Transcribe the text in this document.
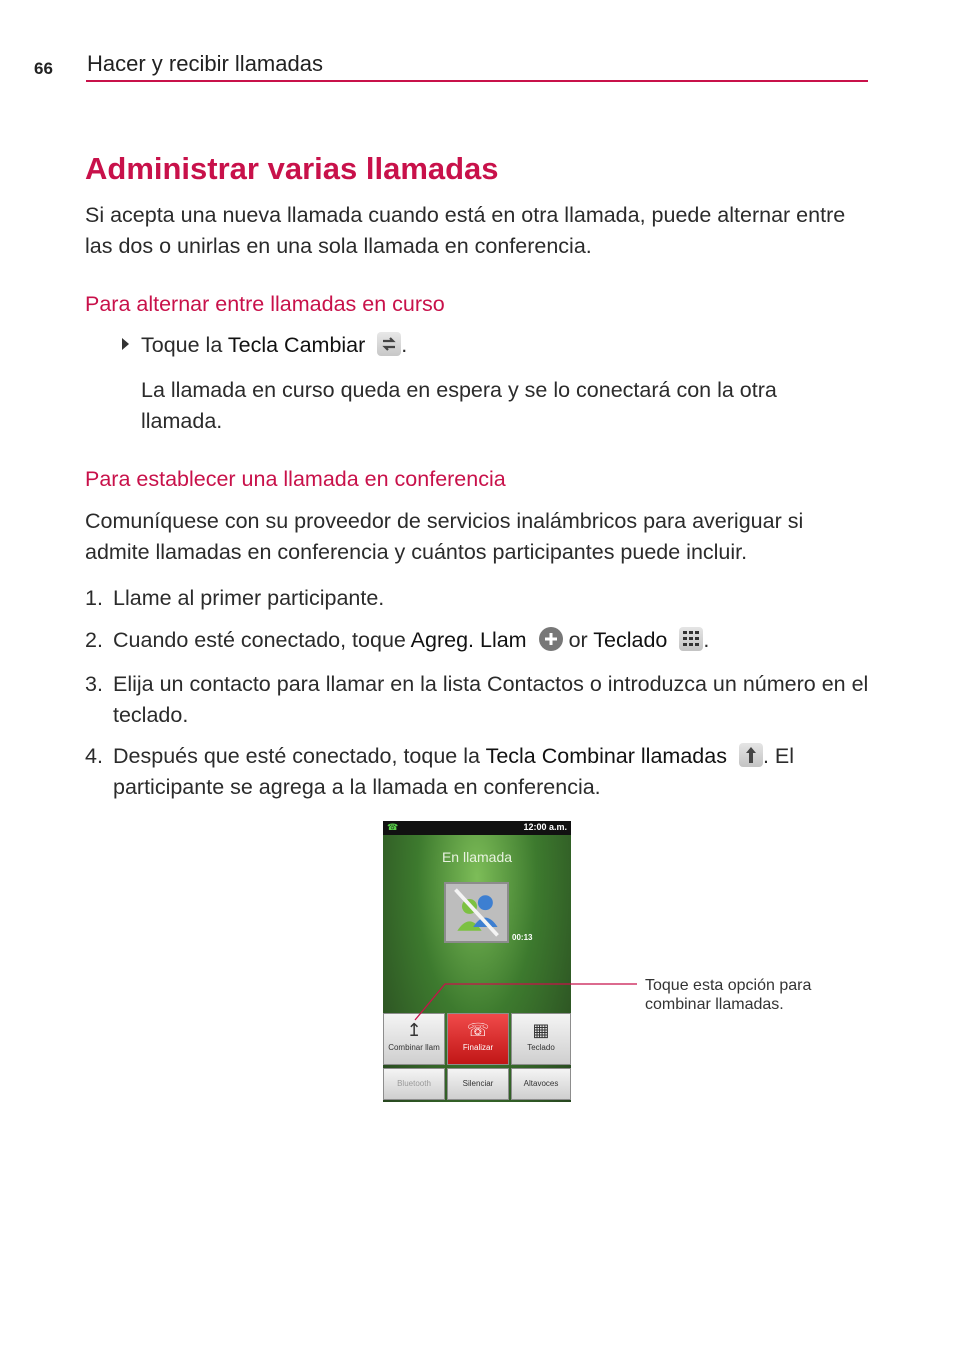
66 Hacer y recibir llamadas
Administrar varias llamadas

Si acepta una nueva llamada cuando está en otra llamada, puede alternar entre las dos o unirlas en una sola llamada en conferencia.

Para alternar entre llamadas en curso

Toque la Tecla Cambiar .

La llamada en curso queda en espera y se lo conectará con la otra llamada.

Para establecer una llamada en conferencia

Comuníquese con su proveedor de servicios inalámbricos para averiguar si admite llamadas en conferencia y cuántos participantes puede incluir.

1. Llame al primer participante.
2. Cuando esté conectado, toque Agreg. Llam or Teclado .
3. Elija un contacto para llamar en la lista Contactos o introduzca un número en el teclado.
4. Después que esté conectado, toque la Tecla Combinar llamadas . El participante se agrega a la llamada en conferencia.
☎	12:00 a.m.
En llamada
00:13
↥
Combinar llam
☏
Finalizar
▦
Teclado
Bluetooth	Silenciar	Altavoces
Toque esta opción para combinar llamadas.
